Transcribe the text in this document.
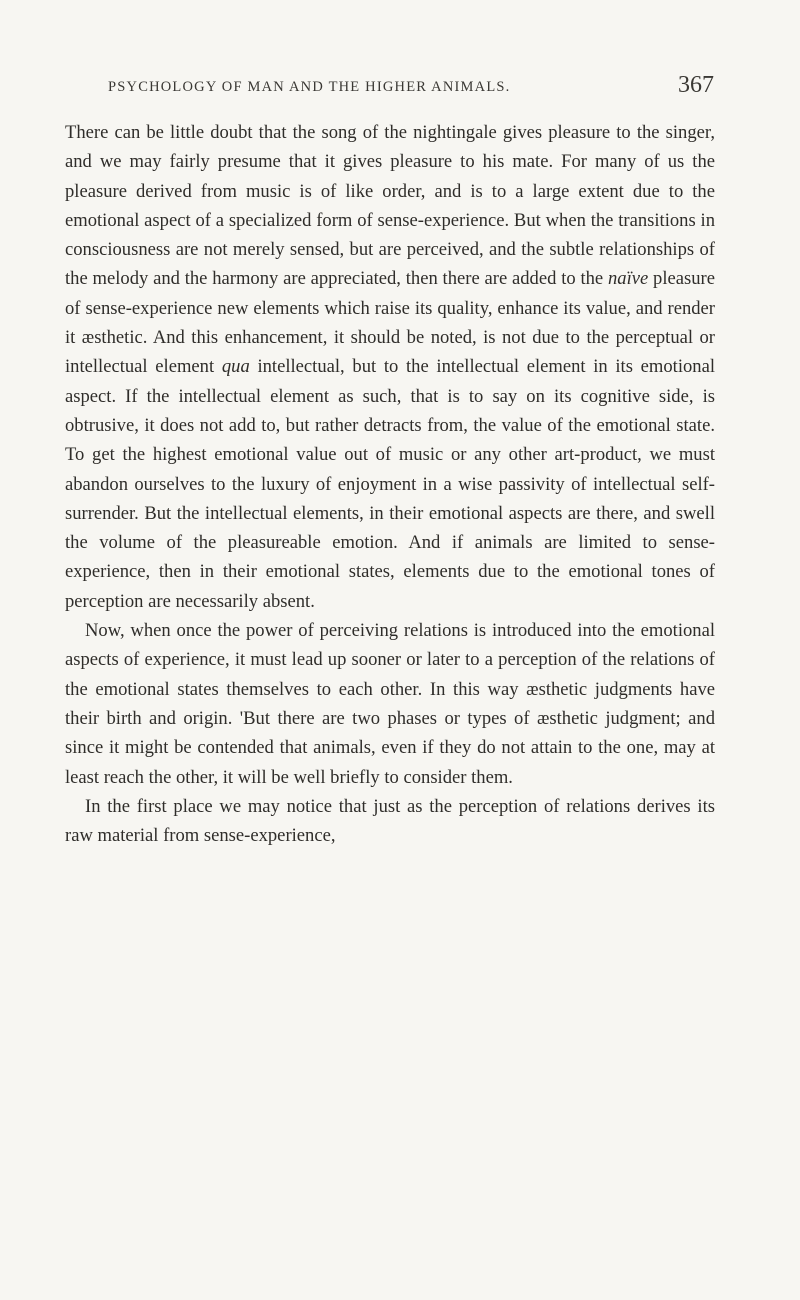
PSYCHOLOGY OF MAN AND THE HIGHER ANIMALS.	367

There can be little doubt that the song of the nightingale gives pleasure to the singer, and we may fairly presume that it gives pleasure to his mate. For many of us the pleasure derived from music is of like order, and is to a large extent due to the emotional aspect of a specialized form of sense-experience. But when the transitions in consciousness are not merely sensed, but are perceived, and the subtle relationships of the melody and the harmony are appreciated, then there are added to the naïve pleasure of sense-experience new elements which raise its quality, enhance its value, and render it æsthetic. And this enhancement, it should be noted, is not due to the perceptual or intellectual element qua intellectual, but to the intellectual element in its emotional aspect. If the intellectual element as such, that is to say on its cognitive side, is obtrusive, it does not add to, but rather detracts from, the value of the emotional state. To get the highest emotional value out of music or any other art-product, we must abandon ourselves to the luxury of enjoyment in a wise passivity of intellectual self-surrender. But the intellectual elements, in their emotional aspects are there, and swell the volume of the pleasureable emotion. And if animals are limited to sense-experience, then in their emotional states, elements due to the emotional tones of perception are necessarily absent.

Now, when once the power of perceiving relations is introduced into the emotional aspects of experience, it must lead up sooner or later to a perception of the relations of the emotional states themselves to each other. In this way æsthetic judgments have their birth and origin. 'But there are two phases or types of æsthetic judgment; and since it might be contended that animals, even if they do not attain to the one, may at least reach the other, it will be well briefly to consider them.

In the first place we may notice that just as the perception of relations derives its raw material from sense-experience,
